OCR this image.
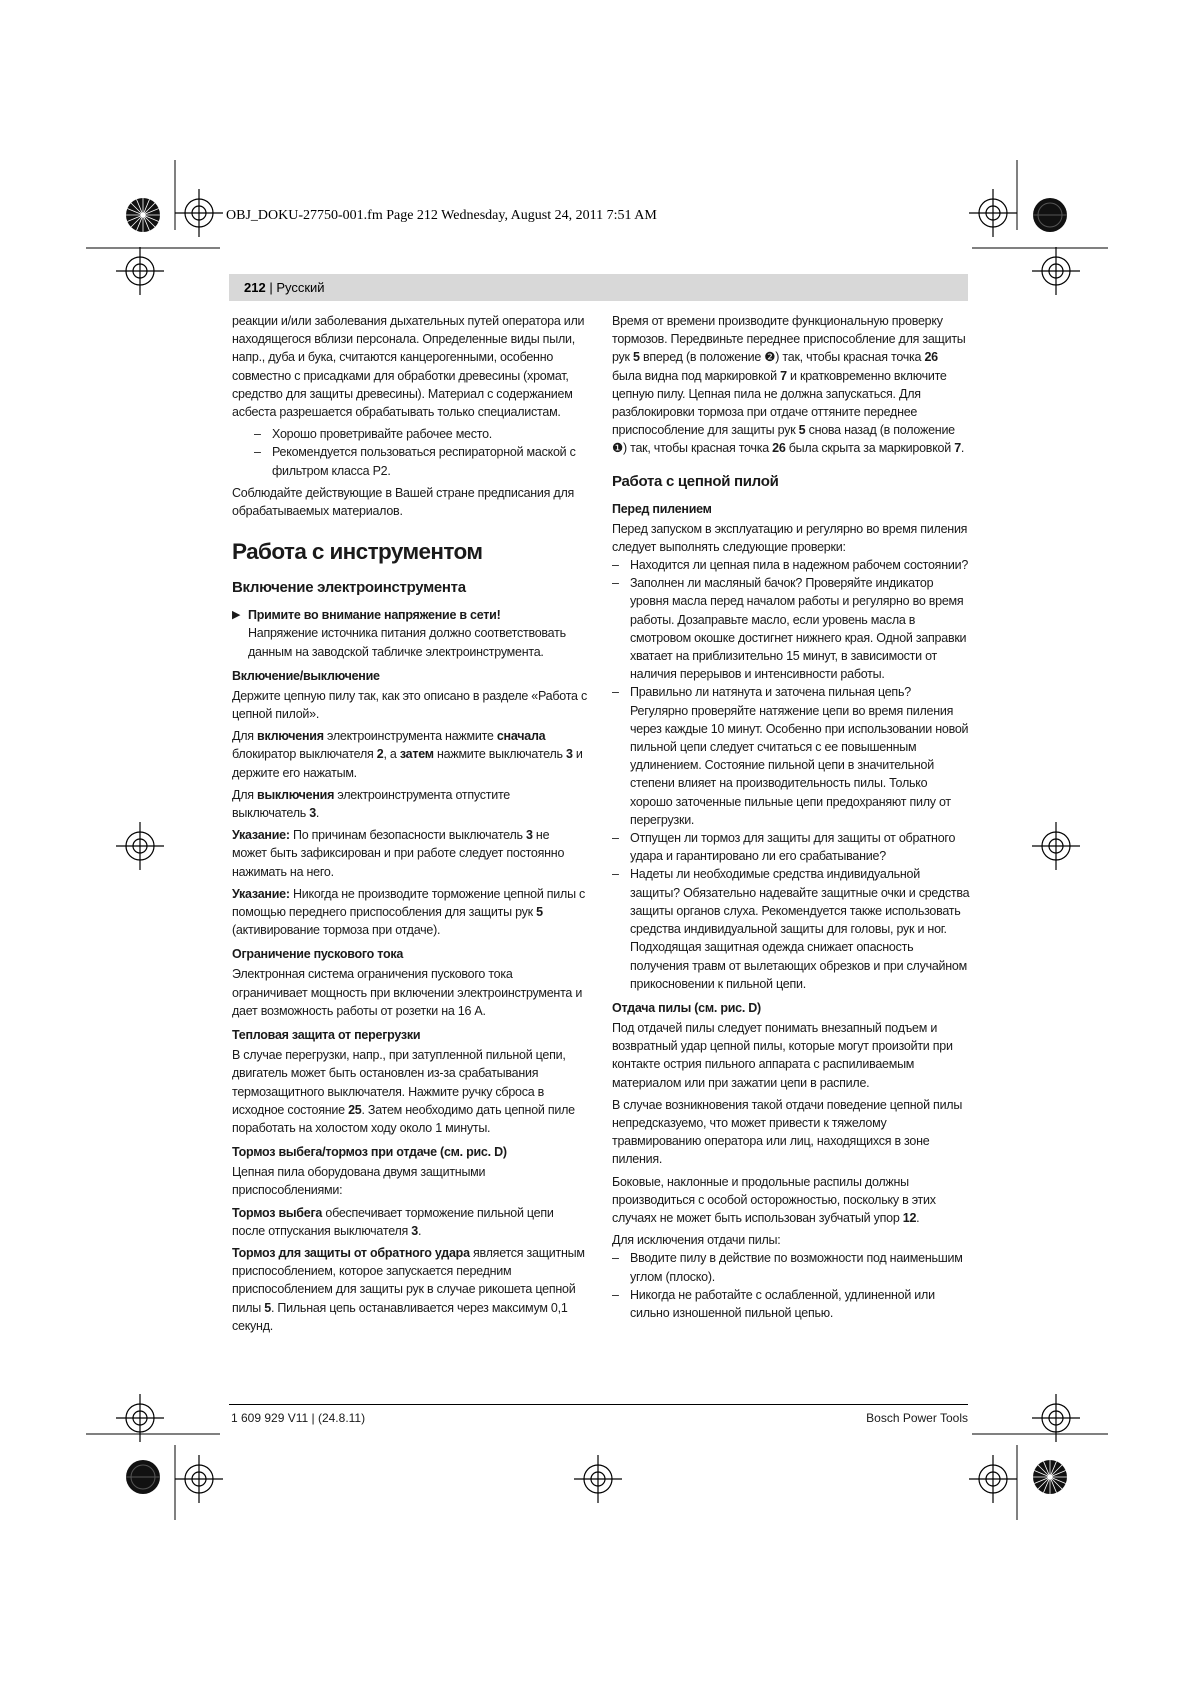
OBJ_DOKU-27750-001.fm Page 212 Wednesday, August 24, 2011 7:51 AM
212 | Русский

реакции и/или заболевания дыхательных путей оператора или находящегося вблизи персонала. Определенные виды пыли, напр., дуба и бука, считаются канцерогенными, особенно совместно с присадками для обработки древесины (хромат, средство для защиты древесины). Материал с содержанием асбеста разрешается обрабатывать только специалистам.

– Хорошо проветривайте рабочее место.
– Рекомендуется пользоваться респираторной маской с фильтром класса Р2.

Соблюдайте действующие в Вашей стране предписания для обрабатываемых материалов.

Работа с инструментом
Включение электроинструмента
▶ Примите во внимание напряжение в сети!
Напряжение источника питания должно соответствовать данным на заводской табличке электроинструмента.
Включение/выключение

Держите цепную пилу так, как это описано в разделе «Работа с цепной пилой».

Для включения электроинструмента нажмите сначала блокиратор выключателя 2, а затем нажмите выключатель 3 и держите его нажатым.

Для выключения электроинструмента отпустите выключатель 3.

Указание: По причинам безопасности выключатель 3 не может быть зафиксирован и при работе следует постоянно нажимать на него.

Указание: Никогда не производите торможение цепной пилы с помощью переднего приспособления для защиты рук 5 (активирование тормоза при отдаче).

Ограничение пускового тока

Электронная система ограничения пускового тока ограничивает мощность при включении электроинструмента и дает возможность работы от розетки на 16 А.

Тепловая защита от перегрузки

В случае перегрузки, напр., при затупленной пильной цепи, двигатель может быть остановлен из-за срабатывания термозащитного выключателя. Нажмите ручку сброса в исходное состояние 25. Затем необходимо дать цепной пиле поработать на холостом ходу около 1 минуты.

Тормоз выбега/тормоз при отдаче (см. рис. D)

Цепная пила оборудована двумя защитными приспособлениями:

Тормоз выбега обеспечивает торможение пильной цепи после отпускания выключателя 3.

Тормоз для защиты от обратного удара является защитным приспособлением, которое запускается передним приспособлением для защиты рук в случае рикошета цепной пилы 5. Пильная цепь останавливается через максимум 0,1 секунд.

Время от времени производите функциональную проверку тормозов. Передвиньте переднее приспособление для защиты рук 5 вперед (в положение ❷) так, чтобы красная точка 26 была видна под маркировкой 7 и кратковременно включите цепную пилу. Цепная пила не должна запускаться. Для разблокировки тормоза при отдаче оттяните переднее приспособление для защиты рук 5 снова назад (в положение ❶) так, чтобы красная точка 26 была скрыта за маркировкой 7.

Работа с цепной пилой
Перед пилением

Перед запуском в эксплуатацию и регулярно во время пиления следует выполнять следующие проверки:

– Находится ли цепная пила в надежном рабочем состоянии?
– Заполнен ли масляный бачок? Проверяйте индикатор уровня масла перед началом работы и регулярно во время работы. Дозаправьте масло, если уровень масла в смотровом окошке достигнет нижнего края. Одной заправки хватает на приблизительно 15 минут, в зависимости от наличия перерывов и интенсивности работы.
– Правильно ли натянута и заточена пильная цепь? Регулярно проверяйте натяжение цепи во время пиления через каждые 10 минут. Особенно при использовании новой пильной цепи следует считаться с ее повышенным удлинением. Состояние пильной цепи в значительной степени влияет на производительность пилы. Только хорошо заточенные пильные цепи предохраняют пилу от перегрузки.
– Отпущен ли тормоз для защиты для защиты от обратного удара и гарантировано ли его срабатывание?
– Надеты ли необходимые средства индивидуальной защиты? Обязательно надевайте защитные очки и средства защиты органов слуха. Рекомендуется также использовать средства индивидуальной защиты для головы, рук и ног. Подходящая защитная одежда снижает опасность получения травм от вылетающих обрезков и при случайном прикосновении к пильной цепи.
Отдача пилы (см. рис. D)

Под отдачей пилы следует понимать внезапный подъем и возвратный удар цепной пилы, которые могут произойти при контакте острия пильного аппарата с распиливаемым материалом или при зажатии цепи в распиле.

В случае возникновения такой отдачи поведение цепной пилы непредсказуемо, что может привести к тяжелому травмированию оператора или лиц, находящихся в зоне пиления.

Боковые, наклонные и продольные распилы должны производиться с особой осторожностью, поскольку в этих случаях не может быть использован зубчатый упор 12.

Для исключения отдачи пилы:

– Вводите пилу в действие по возможности под наименьшим углом (плоско).
– Никогда не работайте с ослабленной, удлиненной или сильно изношенной пильной цепью.
1 609 929 V11 | (24.8.11)	Bosch Power Tools
